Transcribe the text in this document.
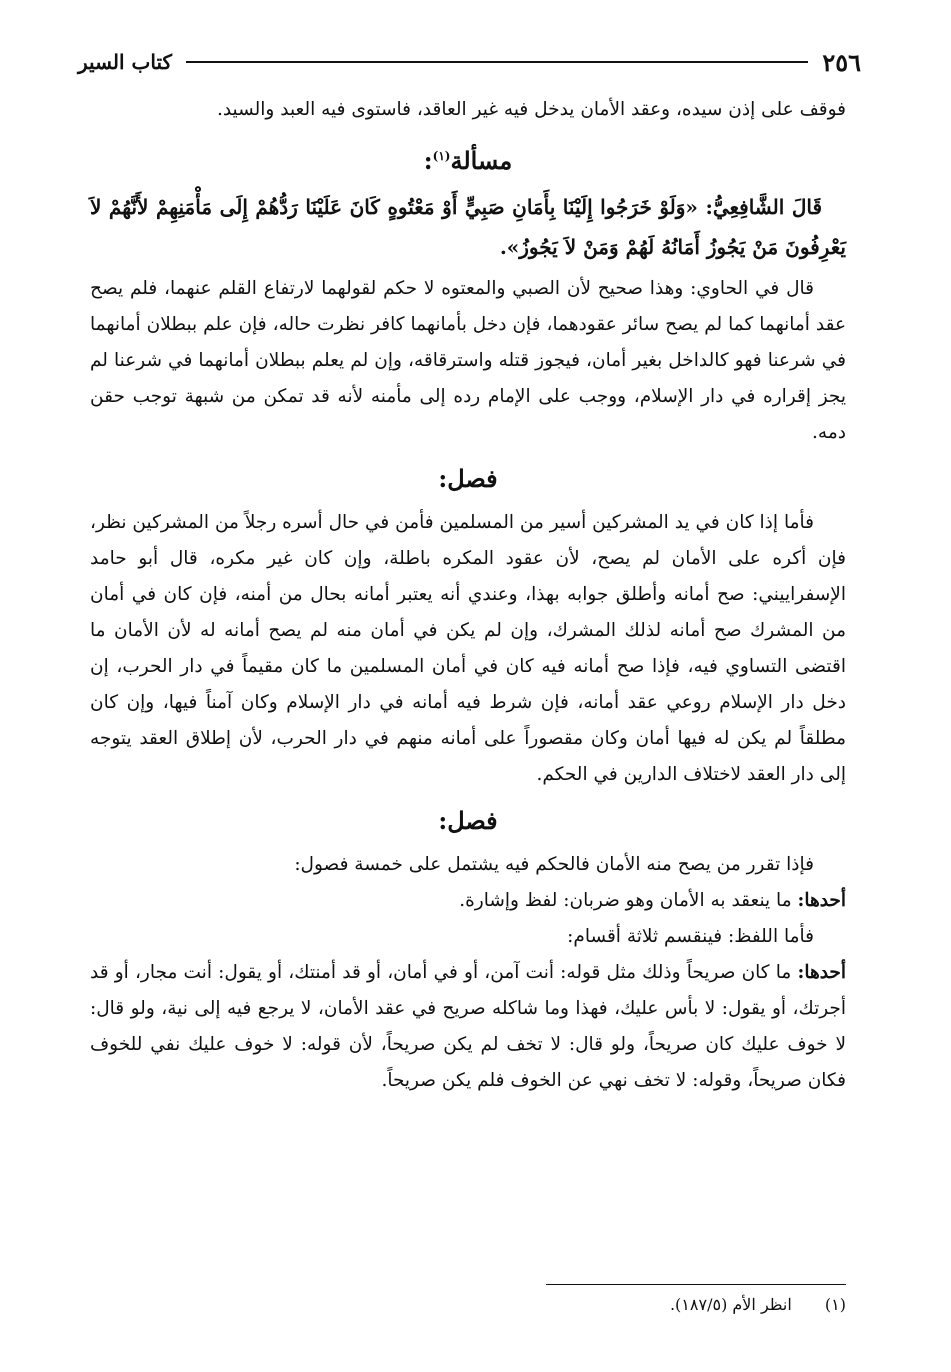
٢٥٦
كتاب السير

فوقف على إذن سيده، وعقد الأمان يدخل فيه غير العاقد، فاستوى فيه العبد والسيد.

مسألة$^{(١)}$:

قَالَ الشَّافِعِيُّ: «وَلَوْ خَرَجُوا إِلَيْنَا بِأَمَانِ صَبِيٍّ أَوْ مَعْتُوهٍ كَانَ عَلَيْنَا رَدُّهُمْ إِلَى مَأْمَنِهِمْ لأَنَّهُمْ لاَ يَعْرِفُونَ مَنْ يَجُوزُ أَمَانُهُ لَهُمْ وَمَنْ لاَ يَجُوزُ».

قال في الحاوي: وهذا صحيح لأن الصبي والمعتوه لا حكم لقولهما لارتفاع القلم عنهما، فلم يصح عقد أمانهما كما لم يصح سائر عقودهما، فإن دخل بأمانهما كافر نظرت حاله، فإن علم ببطلان أمانهما في شرعنا فهو كالداخل بغير أمان، فيجوز قتله واسترقاقه، وإن لم يعلم ببطلان أمانهما في شرعنا لم يجز إقراره في دار الإسلام، ووجب على الإمام رده إلى مأمنه لأنه قد تمكن من شبهة توجب حقن دمه.

فصل:

فأما إذا كان في يد المشركين أسير من المسلمين فأمن في حال أسره رجلاً من المشركين نظر، فإن أكره على الأمان لم يصح، لأن عقود المكره باطلة، وإن كان غير مكره، قال أبو حامد الإسفراييني: صح أمانه وأطلق جوابه بهذا، وعندي أنه يعتبر أمانه بحال من أمنه، فإن كان في أمان من المشرك صح أمانه لذلك المشرك، وإن لم يكن في أمان منه لم يصح أمانه له لأن الأمان ما اقتضى التساوي فيه، فإذا صح أمانه فيه كان في أمان المسلمين ما كان مقيماً في دار الحرب، إن دخل دار الإسلام روعي عقد أمانه، فإن شرط فيه أمانه في دار الإسلام وكان آمناً فيها، وإن كان مطلقاً لم يكن له فيها أمان وكان مقصوراً على أمانه منهم في دار الحرب، لأن إطلاق العقد يتوجه إلى دار العقد لاختلاف الدارين في الحكم.

فصل:

فإذا تقرر من يصح منه الأمان فالحكم فيه يشتمل على خمسة فصول:

أحدها: ما ينعقد به الأمان وهو ضربان: لفظ وإشارة.

فأما اللفظ: فينقسم ثلاثة أقسام:

أحدها: ما كان صريحاً وذلك مثل قوله: أنت آمن، أو في أمان، أو قد أمنتك، أو يقول: أنت مجار، أو قد أجرتك، أو يقول: لا بأس عليك، فهذا وما شاكله صريح في عقد الأمان، لا يرجع فيه إلى نية، ولو قال: لا خوف عليك كان صريحاً، ولو قال: لا تخف لم يكن صريحاً، لأن قوله: لا خوف عليك نفي للخوف فكان صريحاً، وقوله: لا تخف نهي عن الخوف فلم يكن صريحاً.

(١) انظر الأم (١٨٧/٥).
